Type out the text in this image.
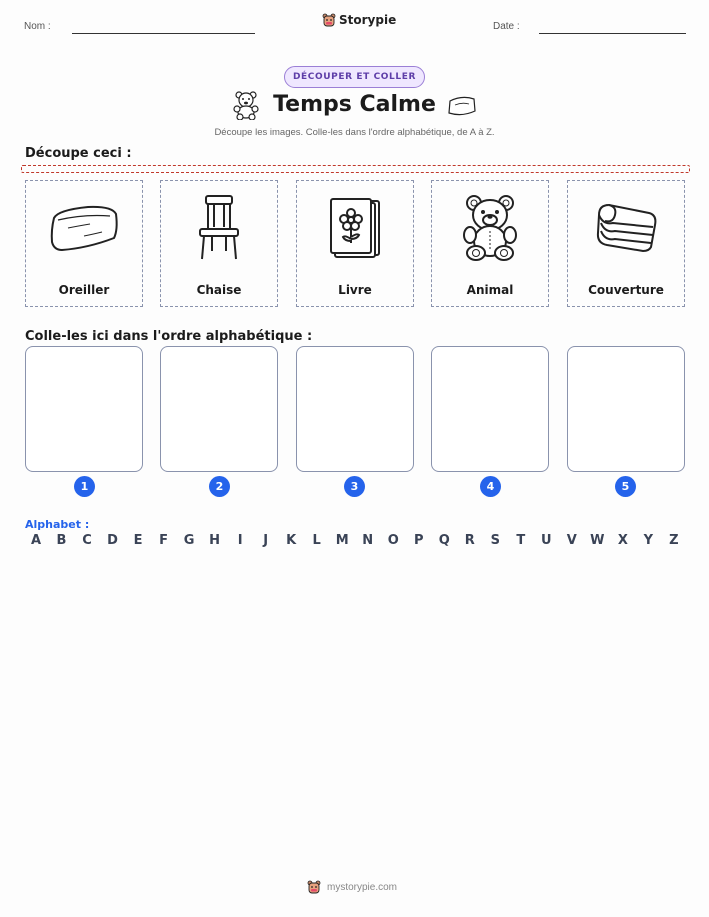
Nom :	Storypie	Date :
DÉCOUPER ET COLLER
Temps Calme
Découpe les images. Colle-les dans l'ordre alphabétique, de A à Z.
Découpe ceci :
Oreiller	Chaise	Livre	Animal	Couverture
Colle-les ici dans l'ordre alphabétique :
1	2	3	4	5
Alphabet :
A B C D E F G H	I	J	K L M N O P Q R S T U V W X Y Z
mystorypie.com
